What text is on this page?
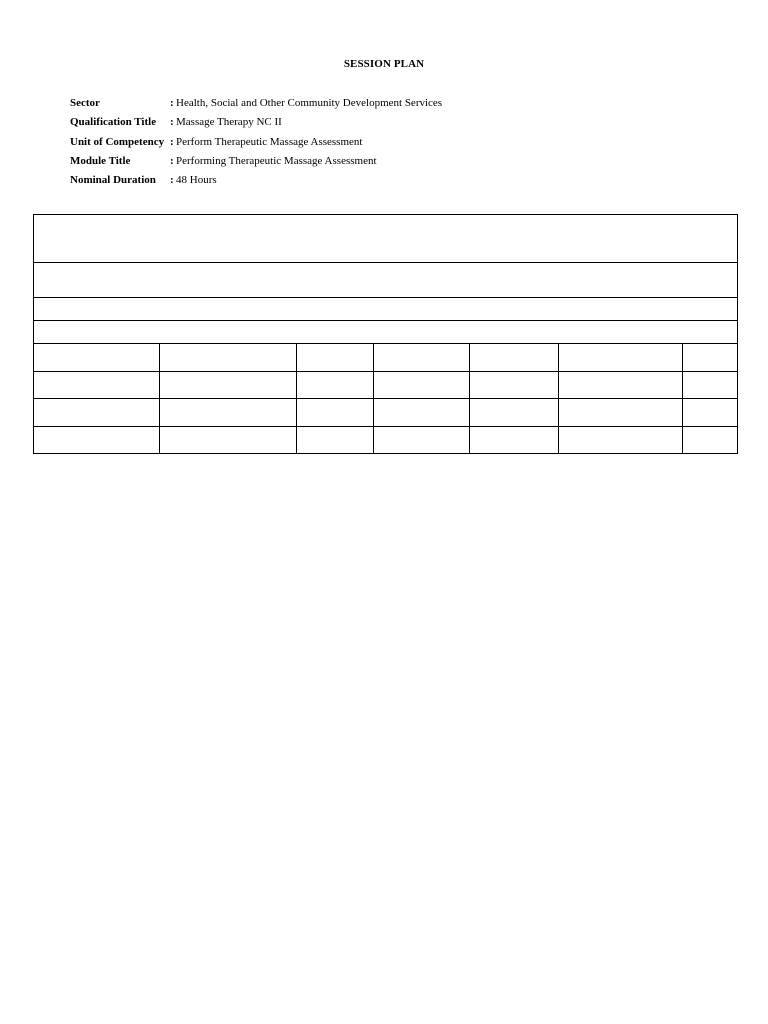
SESSION PLAN
Sector	: Health, Social and Other Community Development Services
Qualification Title : Massage Therapy NC II
Unit of Competency : Perform Therapeutic Massage Assessment
Module Title	: Performing Therapeutic Massage Assessment
Nominal Duration : 48 Hours
